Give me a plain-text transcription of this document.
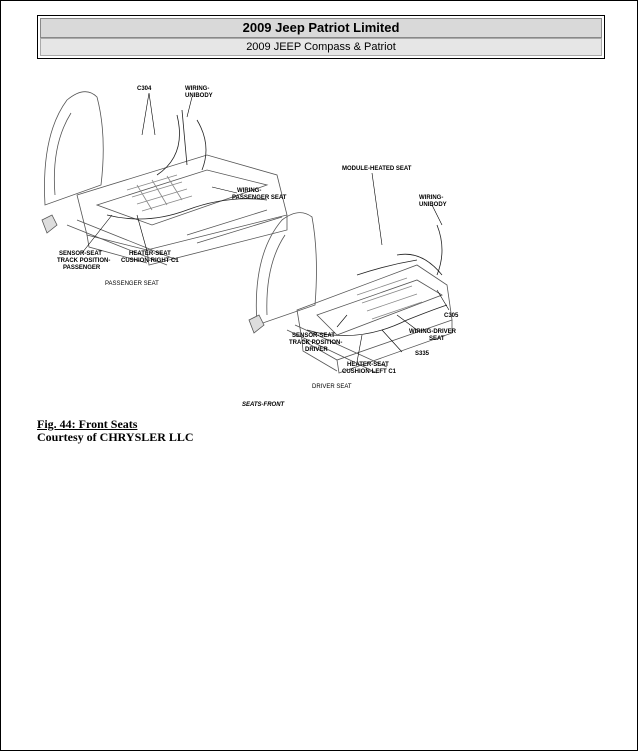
2009 Jeep Patriot Limited
2009 JEEP Compass & Patriot
C304	WIRING-
UNIBODY
WIRING-
PASSENGER SEAT
SENSOR-SEAT
TRACK POSITION-
PASSENGER
HEATER-SEAT
CUSHION-RIGHT C1
PASSENGER SEAT
MODULE-HEATED SEAT
WIRING-
UNIBODY
C305
WIRING-DRIVER
SEAT
SENSOR-SEAT
TRACK POSITION-
DRIVER
S335
HEATER-SEAT
CUSHION-LEFT C1
DRIVER SEAT
SEATS-FRONT
Fig. 44: Front Seats
Courtesy of CHRYSLER LLC
